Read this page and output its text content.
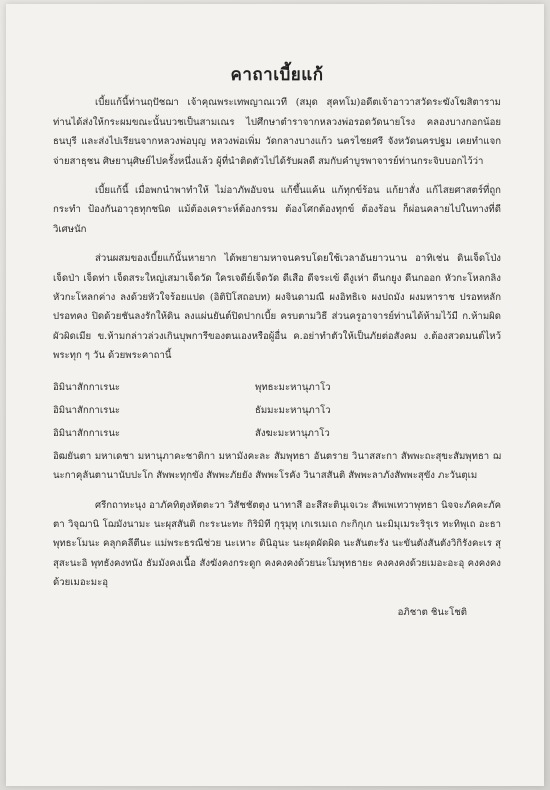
คาถาเบี้ยแก้

เบี้ยแก้นี้ท่านฤปัชฌา เจ้าคุณพระเทพญาณเวที (สมุด สุคทโม)อดีตเจ้าอาวาสวัดระฆังโฆสิตาราม ท่านได้ส่งให้กระผมขณะนั้นบวชเป็นสามเณร ไปศึกษาตำราจากหลวงพ่อรอดวัดนายโรง คลองบางกอกน้อย ธนบุรี และส่งไปเรียนจากหลวงพ่อบุญ หลวงพ่อเพิ่ม วัดกลางบางแก้ว นครไชยศรี จังหวัดนครปฐม เคยทำแจกจ่ายสาธุชน ศิษยานุศิษย์ไปครั้งหนึ่งแล้ว ผู้ที่นำติดตัวไปได้รับผลดี สมกับคำบูรพาจารย์ท่านกระจิบบอกไว้ว่า

เบี้ยแก้นี้ เมื่อพกนำพาทำให้ ไม่อาภัพอับจน แก้ขึ้นแค้น แก้ทุกข์ร้อน แก้ยาสั่ง แก้ไสยศาสตร์ที่ถูกกระทำ ป้องกันอาวุธทุกชนิด แม้ต้องเคราะห์ต้องกรรม ต้องโศกต้องทุกข์ ต้องร้อน ก็ผ่อนคลายไปในทางที่ดี วิเศษนัก

ส่วนผสมของเบี้ยแก้นั้นหายาก ได้พยายามหาจนครบโดยใช้เวลาอันยาวนาน อาทิเช่น ดินเจ็ดโป่ง เจ็ดป่า เจ็ดท่า เจ็ดสระใหญ่เสมาเจ็ดวัด ใครเจดีย์เจ็ดวัด ดีเสือ ดีจระเข้ ดีงูเห่า ดีนกยูง ดีนกออก หัวกะโหลกลิง หัวกะโหลกค่าง ลงด้วยหัวใจร้อยแปด (อิติปิโสถอบท) ผงจินดามณี ผงอิทธิเจ ผงปถมัง ผงมหาราช ปรอทหลัก ปรอทคง ปิดด้วยชันลงรักให้ดิน ลงแผ่นยันต์ปิดปากเบี้ย ครบตามวิธี ส่วนครูอาจารย์ท่านได้ห้ามไว้มี ก.ห้ามผิดผัวผิดเมีย ข.ห้ามกล่าวล่วงเกินบุพการีของตนเองหรือผู้อื่น ค.อย่าทำตัวให้เป็นภัยต่อสังคม ง.ต้องสวดมนต์ไหว้พระทุก ๆ วัน ด้วยพระคาถานี้

อิมินาสักกาเรนะ	พุทธะมะหานุภาโว
อิมินาสักกาเรนะ	ธัมมะมะหานุภาโว
อิมินาสักกาเรนะ	สังฆะมะหานุภาโว

อิฒยันตา มหาเดชา มหานุภาคะชาติกา มหามังคะละ สัมพุทธา อันตราย วินาสสะกา สัพพะถะสุขะสัมพุทธา ฌนะกาคุลันตานานับปะโก สัพพะทุกขัง สัพพะภัยยัง สัพพะโรคัง วินาสสันติ สัพพะลาภังสัพพะสุขัง ภะวันตุเม

ศรีกถาทะนุง อาภัคทิตุงหัตตะวา วิสัชชัตตุง นาทาสี อะสีสะตินุเจเวะ สัพเพเทวาพุทธา นิจจะภัคคะภัคตา วิจุฌานิ โฌมังนามะ นะผุสสันติ กะระนะทะ กิริมิที กุรุมุทุ เกเรเมเถ กะกิกุเก นะมิมุเมระริรุเร ทะทิพุเถ อะธาพุทธะโมนะ คลุกคลีตีนะ แม่พระธรณีช่วย นะเหาะ ดินิอุนะ นะผุดผัดผิด นะสันตะรัง นะขันตังสันตังวิกิรังคะเร สุสุสะนะอิ พุทธังคงทนัง ธัมมังคงเนื้อ สังฆังคงกระดูก คงคงคงด้วยนะโมพุทธายะ คงคงคงด้วยเมอะอะอุ คงคงคงด้วยเมอะมะอุ

อภิชาต ชินะโชติ
